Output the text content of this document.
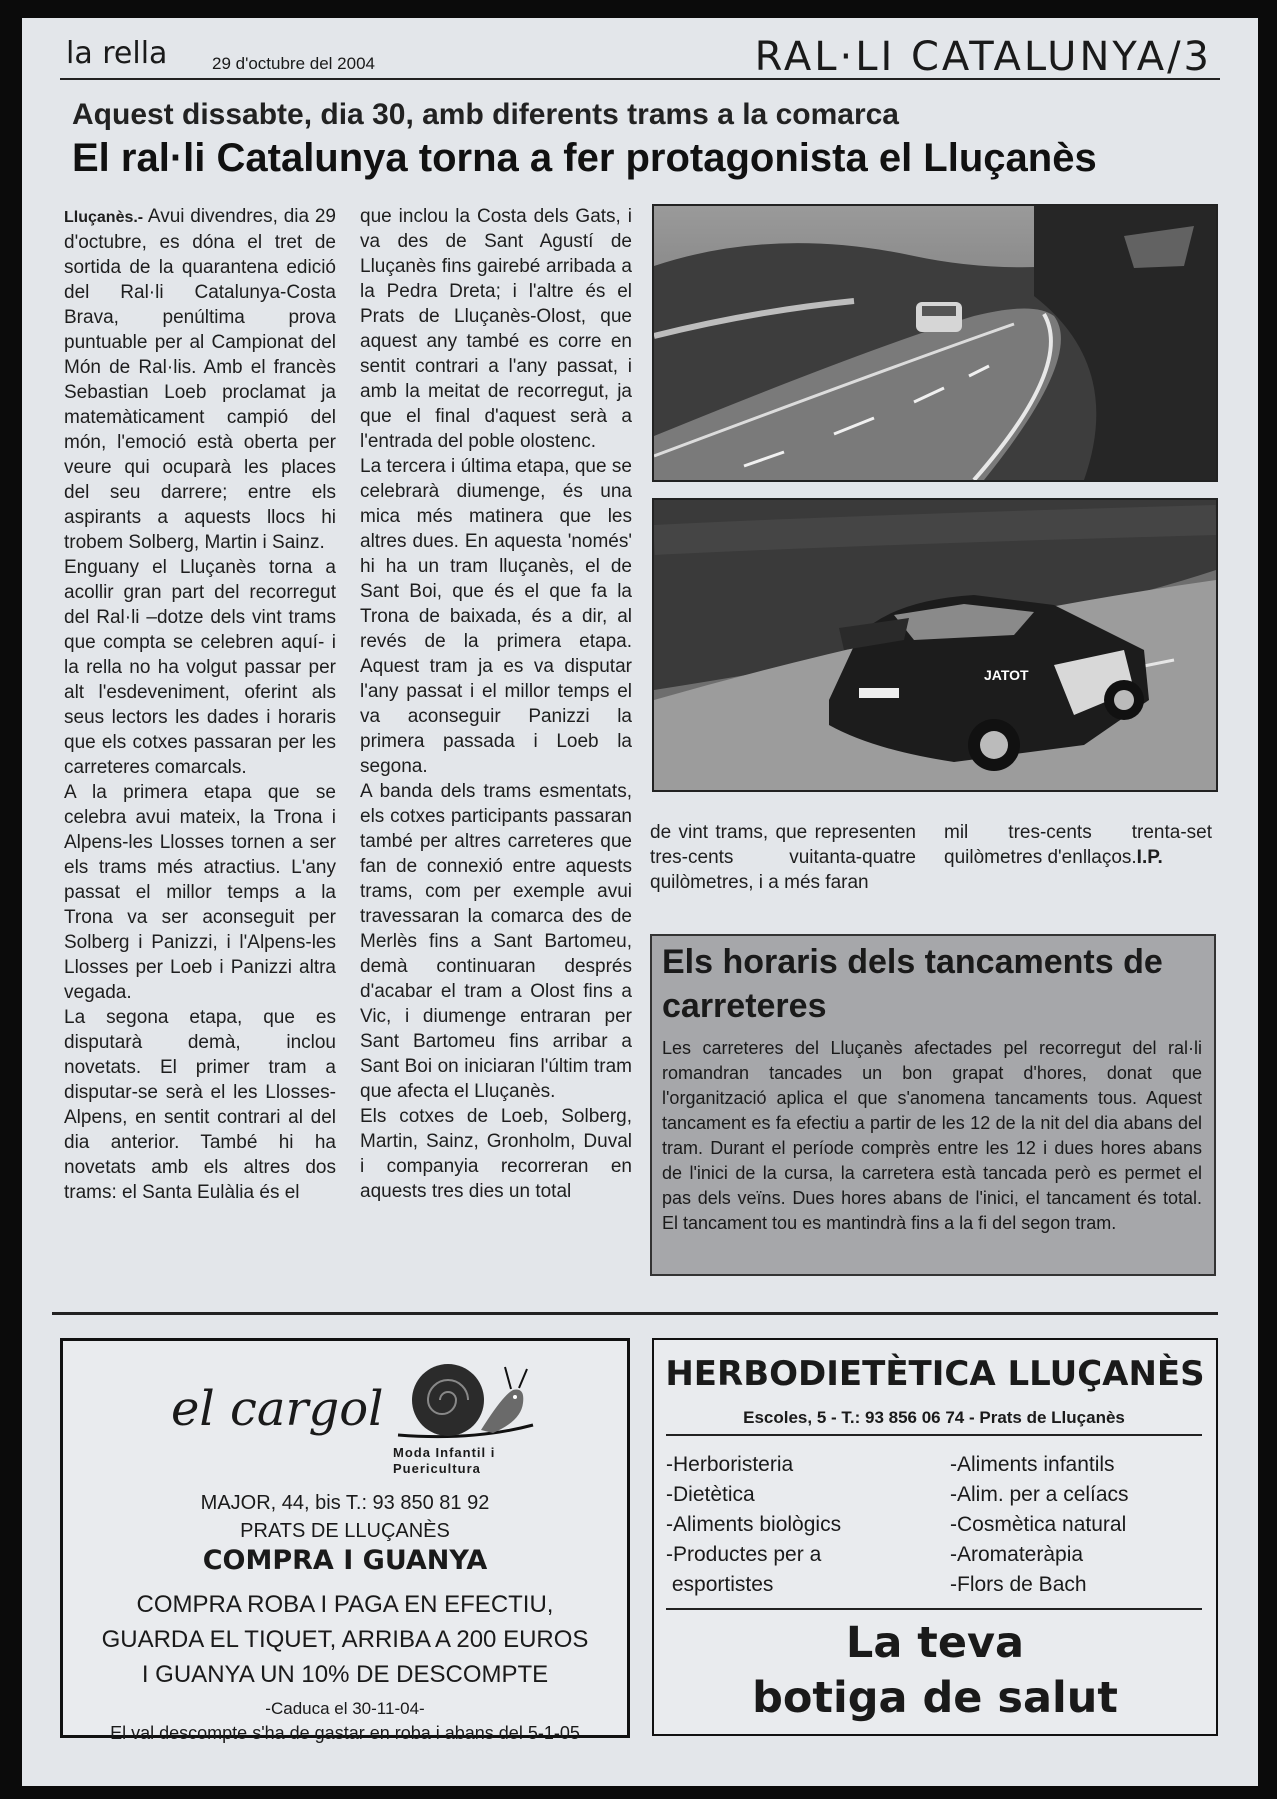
la rella	29 d'octubre del 2004	RAL·LI CATALUNYA/3
Aquest dissabte, dia 30, amb diferents trams a la comarca
El ral·li Catalunya torna a fer protagonista el Lluçanès

Lluçanès.- Avui divendres, dia 29 d'octubre, es dóna el tret de sortida de la quarantena edició del Ral·li Catalunya-Costa Brava, penúltima prova puntuable per al Campionat del Món de Ral·lis. Amb el francès Sebastian Loeb proclamat ja matemàticament campió del món, l'emoció està oberta per veure qui ocuparà les places del seu darrere; entre els aspirants a aquests llocs hi trobem Solberg, Martin i Sainz.

Enguany el Lluçanès torna a acollir gran part del recorregut del Ral·li –dotze dels vint trams que compta se celebren aquí- i la rella no ha volgut passar per alt l'esdeveniment, oferint als seus lectors les dades i horaris que els cotxes passaran per les carreteres comarcals.

A la primera etapa que se celebra avui mateix, la Trona i Alpens-les Llosses tornen a ser els trams més atractius. L'any passat el millor temps a la Trona va ser aconseguit per Solberg i Panizzi, i l'Alpens-les Llosses per Loeb i Panizzi altra vegada.

La segona etapa, que es disputarà demà, inclou novetats. El primer tram a disputar-se serà el les Llosses-Alpens, en sentit contrari al del dia anterior. També hi ha novetats amb els altres dos trams: el Santa Eulàlia és el

que inclou la Costa dels Gats, i va des de Sant Agustí de Lluçanès fins gairebé arribada a la Pedra Dreta; i l'altre és el Prats de Lluçanès-Olost, que aquest any també es corre en sentit contrari a l'any passat, i amb la meitat de recorregut, ja que el final d'aquest serà a l'entrada del poble olostenc.

La tercera i última etapa, que se celebrarà diumenge, és una mica més matinera que les altres dues. En aquesta 'només' hi ha un tram lluçanès, el de Sant Boi, que és el que fa la Trona de baixada, és a dir, al revés de la primera etapa. Aquest tram ja es va disputar l'any passat i el millor temps el va aconseguir Panizzi la primera passada i Loeb la segona.

A banda dels trams esmentats, els cotxes participants passaran també per altres carreteres que fan de connexió entre aquests trams, com per exemple avui travessaran la comarca des de Merlès fins a Sant Bartomeu, demà continuaran després d'acabar el tram a Olost fins a Vic, i diumenge entraran per Sant Bartomeu fins arribar a Sant Boi on iniciaran l'últim tram que afecta el Lluçanès.

Els cotxes de Loeb, Solberg, Martin, Sainz, Gronholm, Duval i companyia recorreran en aquests tres dies un total

JATOT

de vint trams, que representen tres-cents vuitanta-quatre quilòmetres, i a més faran

mil tres-cents trenta-set quilòmetres d'enllaços.I.P.

Els horaris dels tancaments de carreteres
Les carreteres del Lluçanès afectades pel recorregut del ral·li romandran tancades un bon grapat d'hores, donat que l'organització aplica el que s'anomena tancaments tous. Aquest tancament es fa efectiu a partir de les 12 de la nit del dia abans del tram. Durant el període comprès entre les 12 i dues hores abans de l'inici de la cursa, la carretera està tancada però es permet el pas dels veïns. Dues hores abans de l'inici, el tancament és total. El tancament tou es mantindrà fins a la fi del segon tram.
el cargol
Moda Infantil i
Puericultura
MAJOR, 44, bis T.: 93 850 81 92
PRATS DE LLUÇANÈS
COMPRA I GUANYA
COMPRA ROBA I PAGA EN EFECTIU,
GUARDA EL TIQUET, ARRIBA A 200 EUROS
I GUANYA UN 10% DE DESCOMPTE
-Caduca el 30-11-04-
El val descompte s'ha de gastar en roba i abans del 5-1-05
HERBODIETÈTICA LLUÇANÈS
Escoles, 5 - T.: 93 856 06 74 - Prats de Lluçanès
-Herboristeria
-Dietètica
-Aliments biològics
-Productes per a
esportistes
-Aliments infantils
-Alim. per a celíacs
-Cosmètica natural
-Aromateràpia
-Flors de Bach
La teva
botiga de salut
